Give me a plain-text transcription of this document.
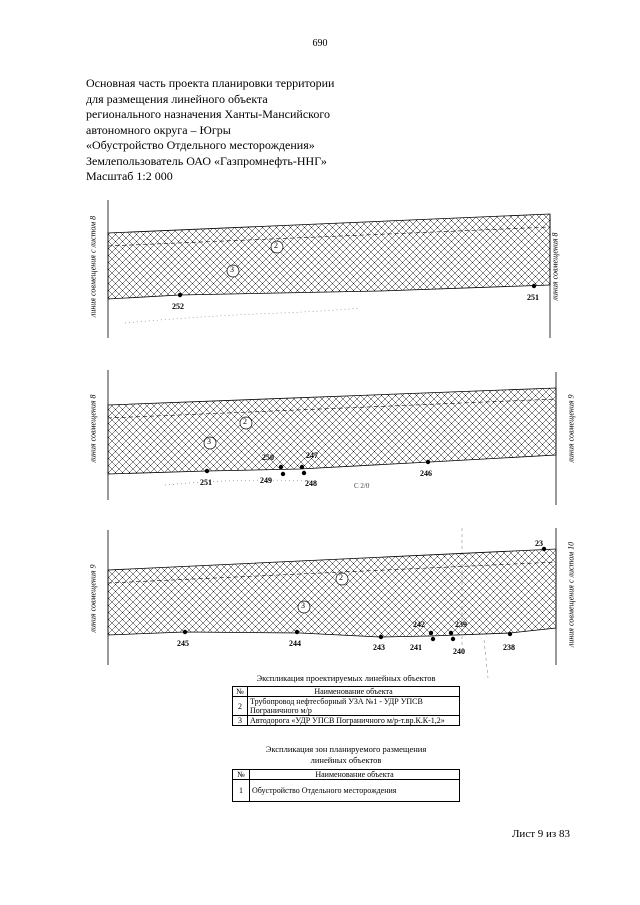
690
Основная часть проекта планировки территории
для размещения линейного объекта
регионального назначения Ханты-Мансийского
автономного округа – Югры
«Обустройство Отдельного месторождения»
Землепользователь ОАО «Газпромнефть-ННГ»
Масштаб 1:2 000
линия совмещения с листом 8	линия совмещения 8
линия совмещения 8	линия совмещения 9
линия совмещения 9	линия совмещения с листом 10
2
3
2
3
2
3
252
251
251	249
250
248
247
246
C 2/0
245	244	243	241
242
240
239
238
23
Экспликация проектируемых линейных объектов
№	Наименование объекта
2	Трубопровод нефтесборный УЗА №1 - УДР УПСВ Пограничного м/р
3	Автодорога «УДР УПСВ Пограничного м/р-т.вр.К.К-1,2»
Экспликация зон планируемого размещения
линейных объектов
№	Наименование объекта
1	Обустройство Отдельного месторождения
Лист 9 из 83
